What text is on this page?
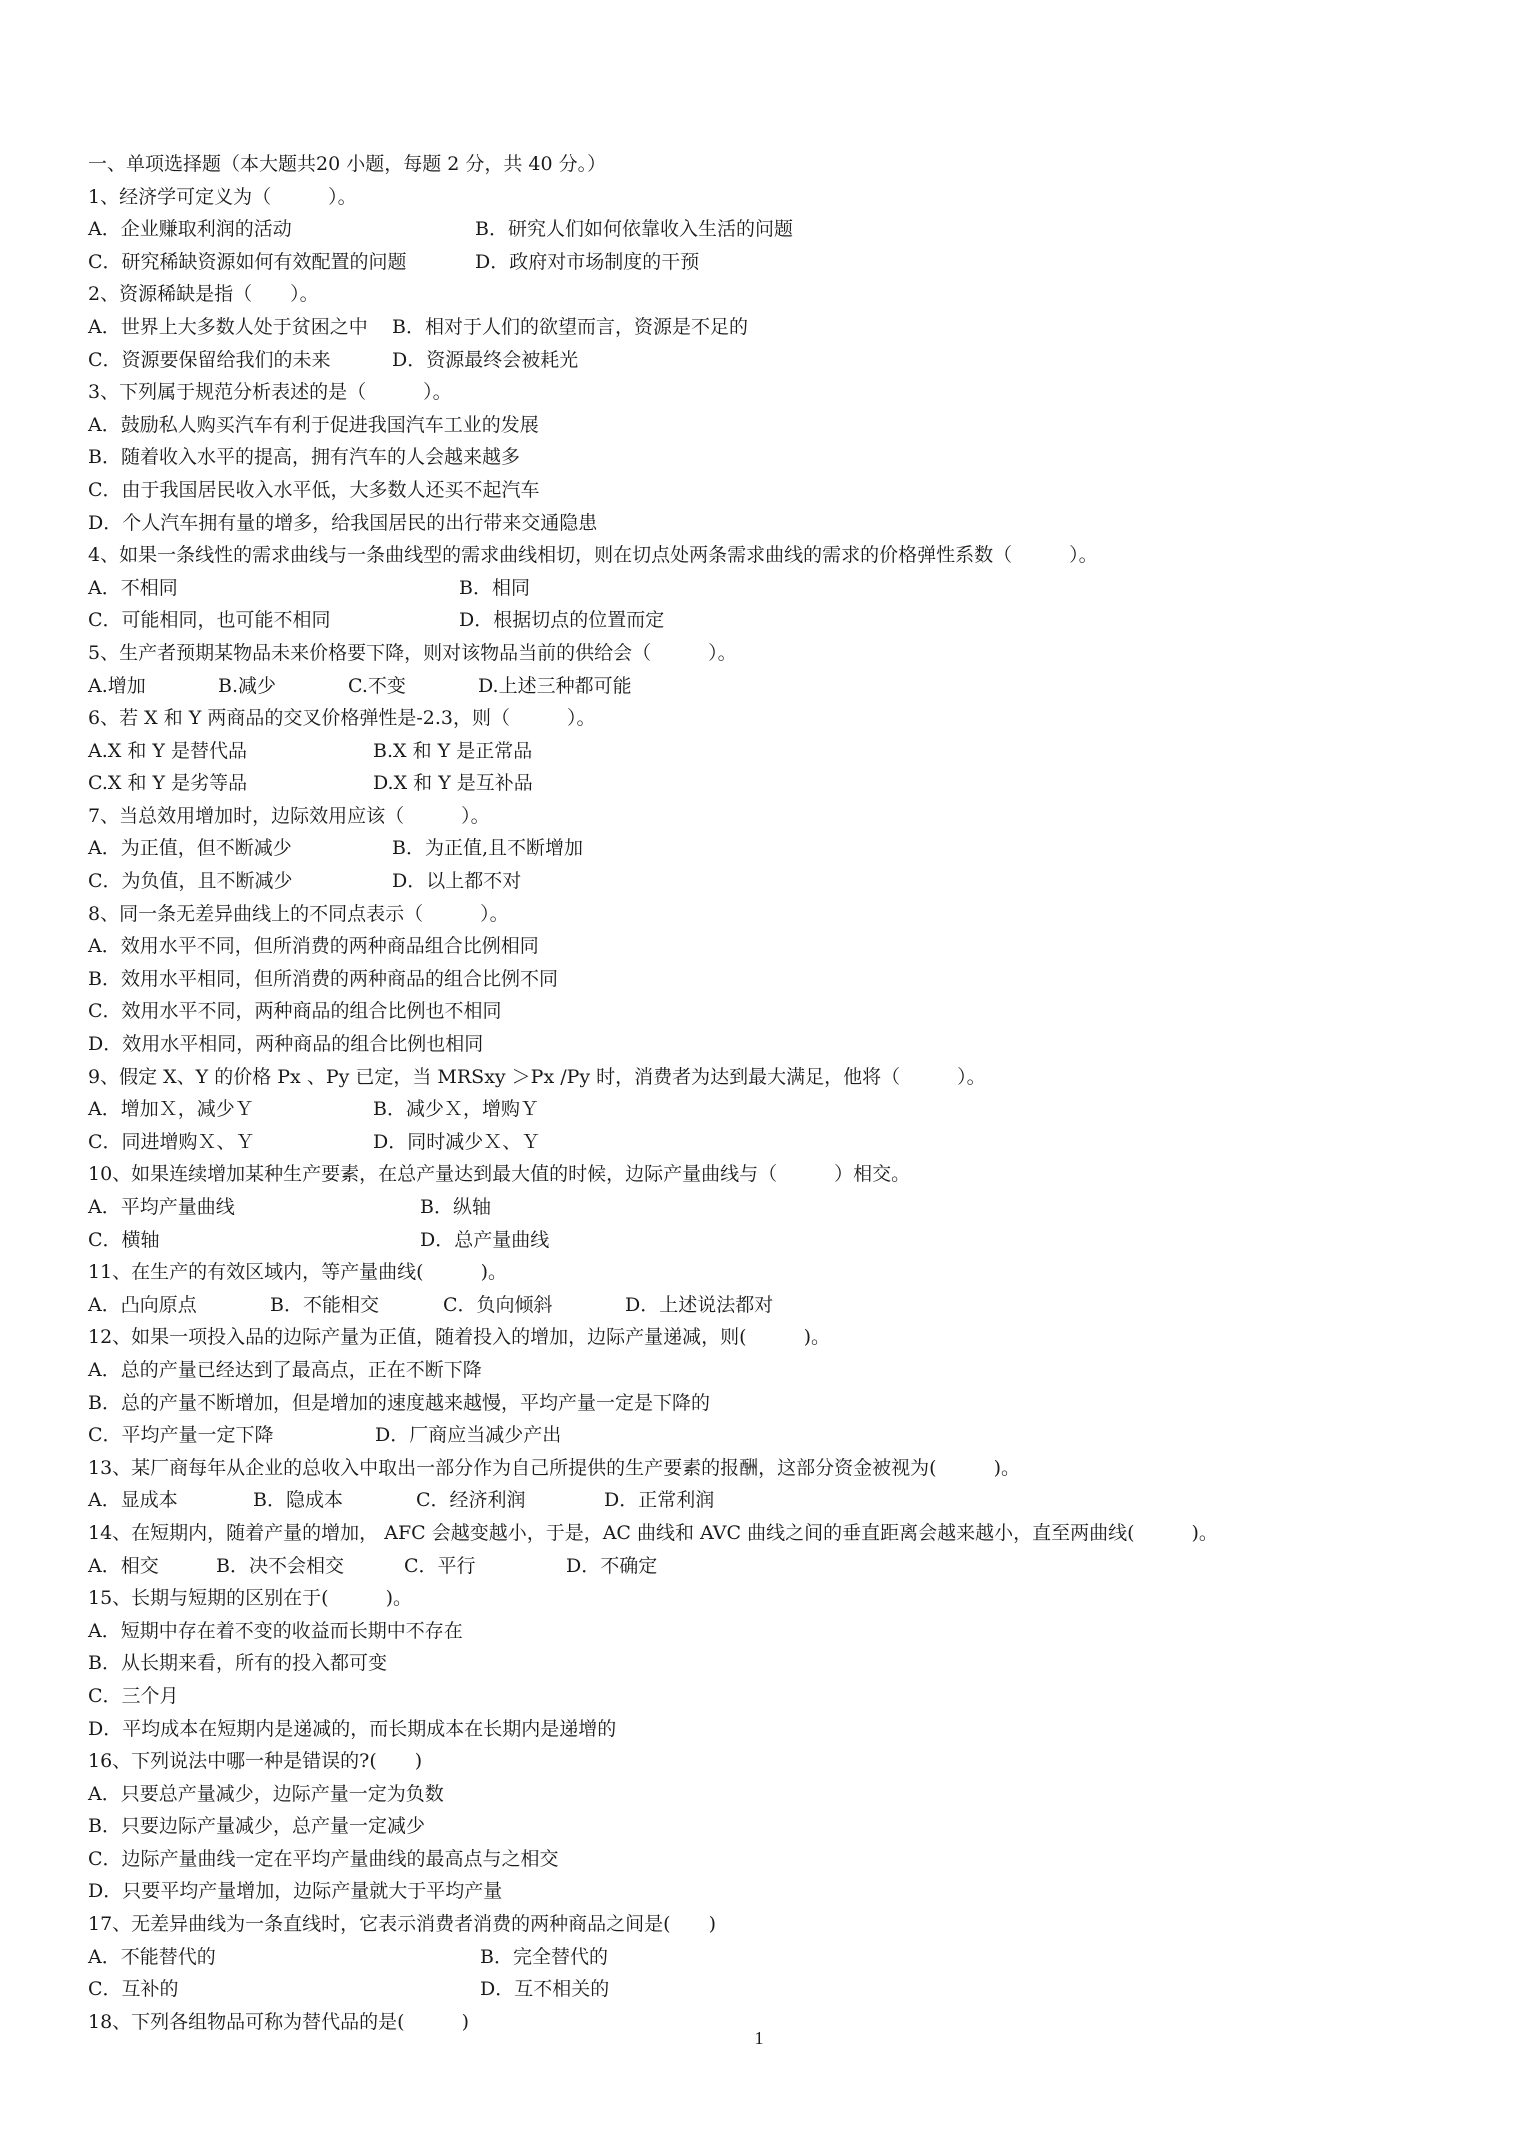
一、单项选择题（本大题共20 小题，每题 2 分，共 40 分。）
1、经济学可定义为（　　　）。
A．企业赚取利润的活动	B．研究人们如何依靠收入生活的问题
C．研究稀缺资源如何有效配置的问题	D．政府对市场制度的干预
2、资源稀缺是指（　　）。
A．世界上大多数人处于贫困之中 B．相对于人们的欲望而言，资源是不足的
C．资源要保留给我们的未来	D．资源最终会被耗光
3、下列属于规范分析表述的是（　　　）。
A．鼓励私人购买汽车有利于促进我国汽车工业的发展
B．随着收入水平的提高，拥有汽车的人会越来越多
C．由于我国居民收入水平低，大多数人还买不起汽车
D．个人汽车拥有量的增多，给我国居民的出行带来交通隐患
4、如果一条线性的需求曲线与一条曲线型的需求曲线相切，则在切点处两条需求曲线的需求的价格弹性系数（　　　）。
A．不相同	B．相同
C．可能相同，也可能不相同	D．根据切点的位置而定
5、生产者预期某物品未来价格要下降，则对该物品当前的供给会（　　　）。
A.增加	B.减少	C.不变	D.上述三种都可能
6、若 X 和 Y 两商品的交叉价格弹性是-2.3，则（　　　）。
A.X 和 Y 是替代品	B.X 和 Y 是正常品
C.X 和 Y 是劣等品	D.X 和 Y 是互补品
7、当总效用增加时，边际效用应该（　　　）。
A．为正值，但不断减少	B．为正值,且不断增加
C．为负值，且不断减少	D．以上都不对
8、同一条无差异曲线上的不同点表示（　　　）。
A．效用水平不同，但所消费的两种商品组合比例相同
B．效用水平相同，但所消费的两种商品的组合比例不同
C．效用水平不同，两种商品的组合比例也不相同
D．效用水平相同，两种商品的组合比例也相同
9、假定 X、Y 的价格 Px 、Py 已定，当 MRSxy ＞Px /Py 时，消费者为达到最大满足，他将（　　　）。
A．增加Ｘ，减少Ｙ	B．减少Ｘ，增购Ｙ
C．同进增购Ｘ、Ｙ	D．同时减少Ｘ、Ｙ
10、如果连续增加某种生产要素，在总产量达到最大值的时候，边际产量曲线与（　　　）相交。
A．平均产量曲线	B．纵轴
C．横轴	D．总产量曲线
11、在生产的有效区域内，等产量曲线(　　　)。
A．凸向原点	B．不能相交	C．负向倾斜	D．上述说法都对
12、如果一项投入品的边际产量为正值，随着投入的增加，边际产量递减，则(　　　)。
A．总的产量已经达到了最高点，正在不断下降
B．总的产量不断增加，但是增加的速度越来越慢，平均产量一定是下降的
C．平均产量一定下降	D．厂商应当减少产出
13、某厂商每年从企业的总收入中取出一部分作为自己所提供的生产要素的报酬，这部分资金被视为(　　　)。
A．显成本	B．隐成本	C．经济利润	D．正常利润
14、在短期内，随着产量的增加， AFC 会越变越小，于是，AC 曲线和 AVC 曲线之间的垂直距离会越来越小，直至两曲线(　　　)。
A．相交	B．决不会相交	C．平行	D．不确定
15、长期与短期的区别在于(　　　)。
A．短期中存在着不变的收益而长期中不存在
B．从长期来看，所有的投入都可变
C．三个月
D．平均成本在短期内是递减的，而长期成本在长期内是递增的
16、下列说法中哪一种是错误的?(　　)
A．只要总产量减少，边际产量一定为负数
B．只要边际产量减少，总产量一定减少
C．边际产量曲线一定在平均产量曲线的最高点与之相交
D．只要平均产量增加，边际产量就大于平均产量
17、无差异曲线为一条直线时，它表示消费者消费的两种商品之间是(　　)
A．不能替代的	B．完全替代的
C．互补的	D．互不相关的
18、下列各组物品可称为替代品的是(　　　)
1
